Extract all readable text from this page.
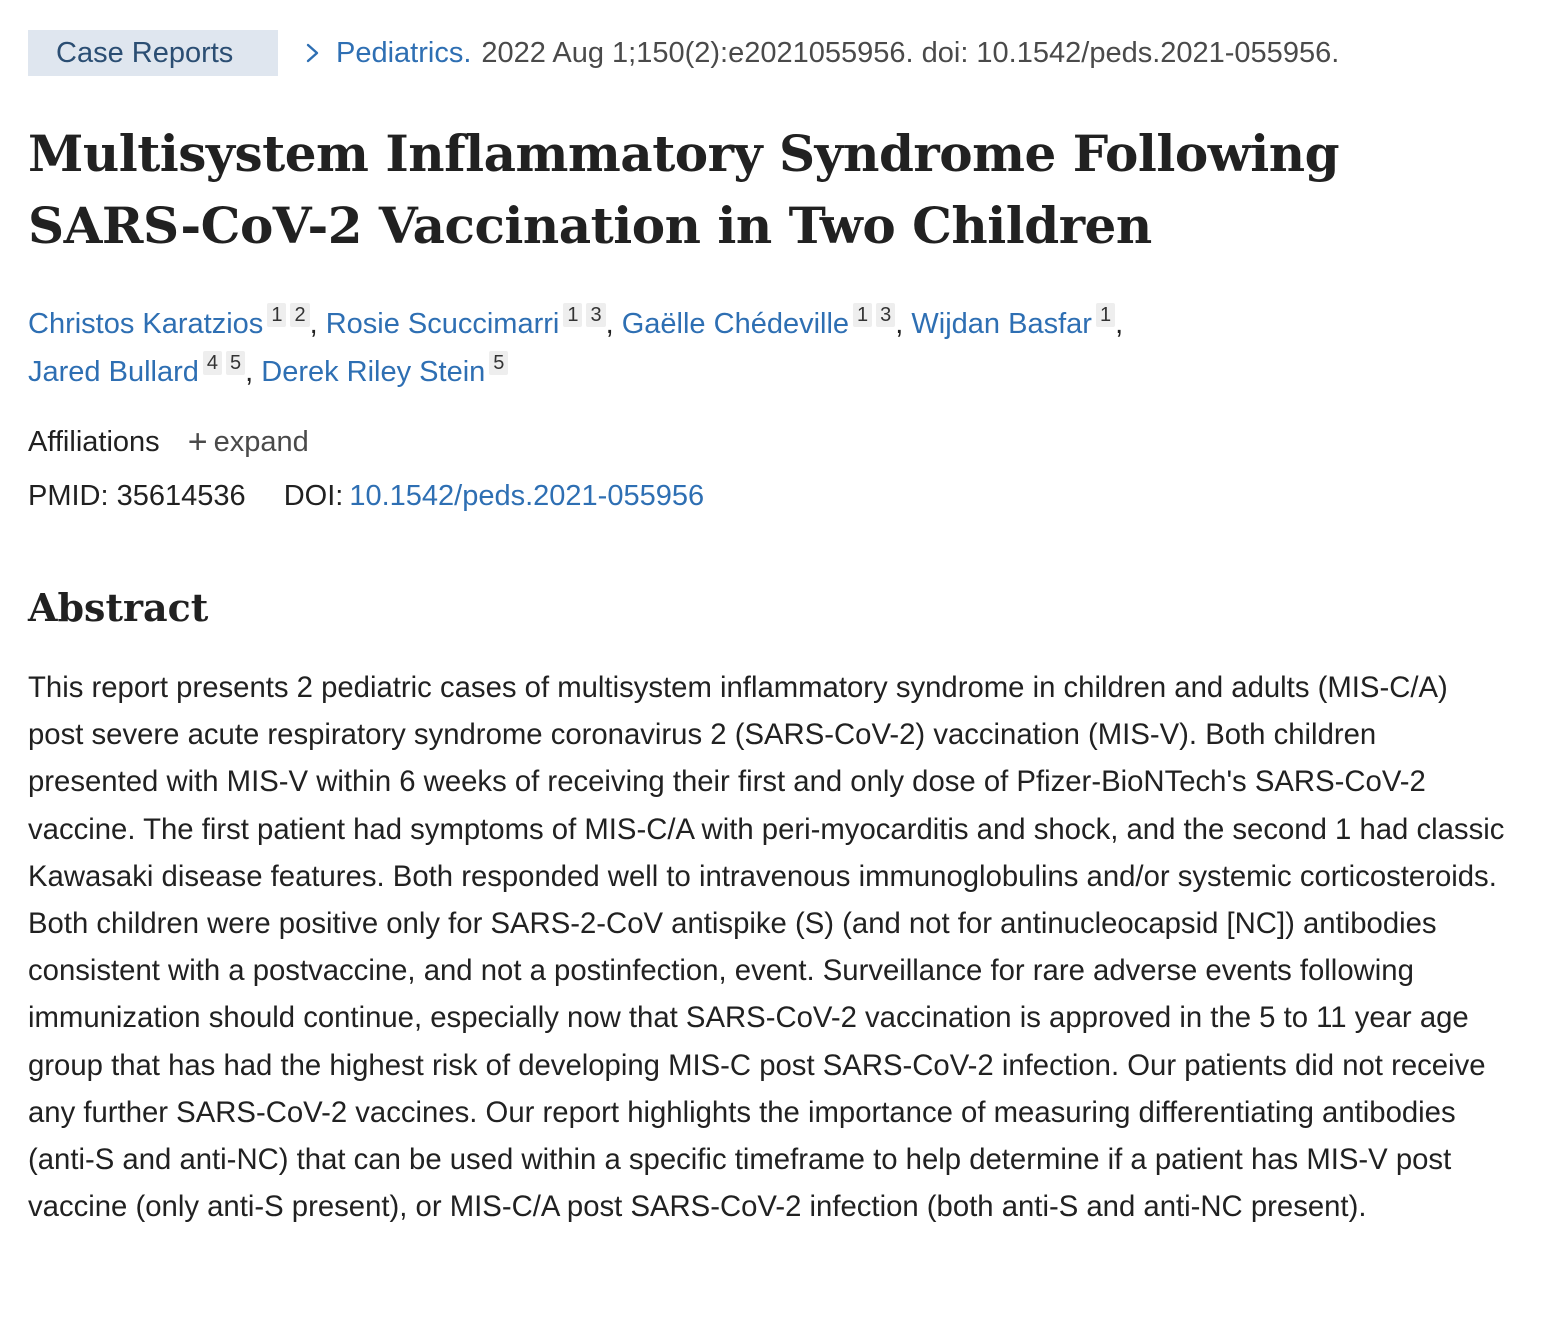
Case Reports	Pediatrics. 2022 Aug 1;150(2):e2021055956. doi: 10.1542/peds.2021-055956.
Multisystem Inflammatory Syndrome Following SARS-CoV-2 Vaccination in Two Children
Christos Karatzios 1 2 , Rosie Scuccimarri 1 3 , Gaëlle Chédeville 1 3 , Wijdan Basfar 1 ,
Jared Bullard 4 5 , Derek Riley Stein 5
Affiliations + expand
PMID: 35614536 DOI: 10.1542/peds.2021-055956
Abstract

This report presents 2 pediatric cases of multisystem inflammatory syndrome in children and adults (MIS-C/A) post severe acute respiratory syndrome coronavirus 2 (SARS-CoV-2) vaccination (MIS-V). Both children presented with MIS-V within 6 weeks of receiving their first and only dose of Pfizer-BioNTech's SARS-CoV-2 vaccine. The first patient had symptoms of MIS-C/A with peri-myocarditis and shock, and the second 1 had classic Kawasaki disease features. Both responded well to intravenous immunoglobulins and/or systemic corticosteroids. Both children were positive only for SARS-2-CoV antispike (S) (and not for antinucleocapsid [NC]) antibodies consistent with a postvaccine, and not a postinfection, event. Surveillance for rare adverse events following immunization should continue, especially now that SARS-CoV-2 vaccination is approved in the 5 to 11 year age group that has had the highest risk of developing MIS-C post SARS-CoV-2 infection. Our patients did not receive any further SARS-CoV-2 vaccines. Our report highlights the importance of measuring differentiating antibodies (anti-S and anti-NC) that can be used within a specific timeframe to help determine if a patient has MIS-V post vaccine (only anti-S present), or MIS-C/A post SARS-CoV-2 infection (both anti-S and anti-NC present).
